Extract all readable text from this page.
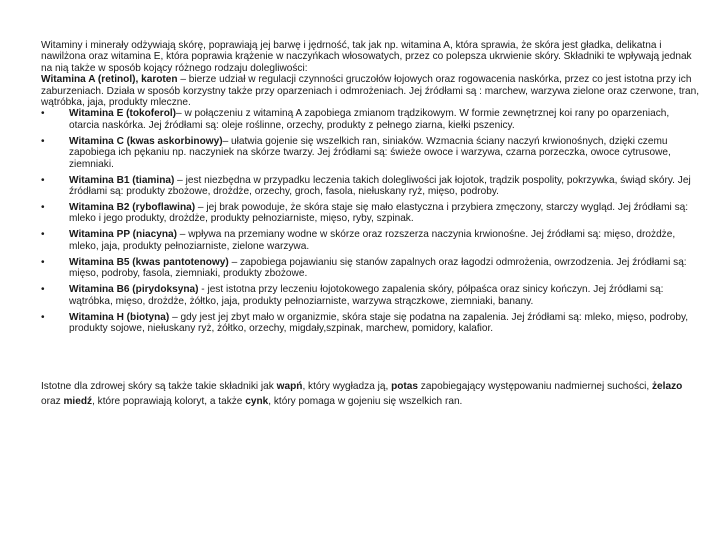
Witaminy i minerały odżywiają skórę, poprawiają jej barwę i jędrność, tak jak np. witamina A, która sprawia, że skóra jest gładka, delikatna i nawilżona oraz witamina E, która poprawia krążenie w naczyńkach włosowatych, przez co polepsza ukrwienie skóry. Składniki te wpływają jednak na nią także w sposób kojący różnego rodzaju dolegliwości:

Witamina A (retinol), karoten – bierze udział w regulacji czynności gruczołów łojowych oraz rogowacenia naskórka, przez co jest istotna przy ich zaburzeniach. Działa w sposób korzystny także przy oparzeniach i odmrożeniach. Jej źródłami są : marchew, warzywa zielone oraz czerwone, tran, wątróbka, jaja, produkty mleczne.

•	Witamina E (tokoferol)– w połączeniu z witaminą A zapobiega zmianom trądzikowym. W formie zewnętrznej koi rany po oparzeniach, otarcia naskórka. Jej źródłami są: oleje roślinne, orzechy, produkty z pełnego ziarna, kiełki pszenicy.
•	Witamina C (kwas askorbinowy)– ułatwia gojenie się wszelkich ran, siniaków. Wzmacnia ściany naczyń krwionośnych, dzięki czemu zapobiega ich pękaniu np. naczyniek na skórze twarzy. Jej źródłami są: świeże owoce i warzywa, czarna porzeczka, owoce cytrusowe, ziemniaki.
•	Witamina B1 (tiamina) – jest niezbędna w przypadku leczenia takich dolegliwości jak łojotok, trądzik pospolity, pokrzywka, świąd skóry. Jej źródłami są: produkty zbożowe, drożdże, orzechy, groch, fasola, niełuskany ryż, mięso, podroby.
•	Witamina B2 (ryboflawina) – jej brak powoduje, że skóra staje się mało elastyczna i przybiera zmęczony, starczy wygląd. Jej źródłami są: mleko i jego produkty, drożdże, produkty pełnoziarniste, mięso, ryby, szpinak.
•	Witamina PP (niacyna) – wpływa na przemiany wodne w skórze oraz rozszerza naczynia krwionośne. Jej źródłami są: mięso, drożdże, mleko, jaja, produkty pełnoziarniste, zielone warzywa.
•	Witamina B5 (kwas pantotenowy) – zapobiega pojawianiu się stanów zapalnych oraz łagodzi odmrożenia, owrzodzenia. Jej źródłami są: mięso, podroby, fasola, ziemniaki, produkty zbożowe.
•	Witamina B6 (pirydoksyna) - jest istotna przy leczeniu łojotokowego zapalenia skóry, półpaśca oraz sinicy kończyn. Jej źródłami są: wątróbka, mięso, drożdże, żółtko, jaja, produkty pełnoziarniste, warzywa strączkowe, ziemniaki, banany.
•	Witamina H (biotyna) – gdy jest jej zbyt mało w organizmie, skóra staje się podatna na zapalenia. Jej źródłami są: mleko, mięso, podroby, produkty sojowe, niełuskany ryż, żółtko, orzechy, migdały,szpinak, marchew, pomidory, kalafior.

Istotne dla zdrowej skóry są także takie składniki jak wapń, który wygładza ją, potas zapobiegający występowaniu nadmiernej suchości, żelazo oraz miedź, które poprawiają koloryt, a także cynk, który pomaga w gojeniu się wszelkich ran.
